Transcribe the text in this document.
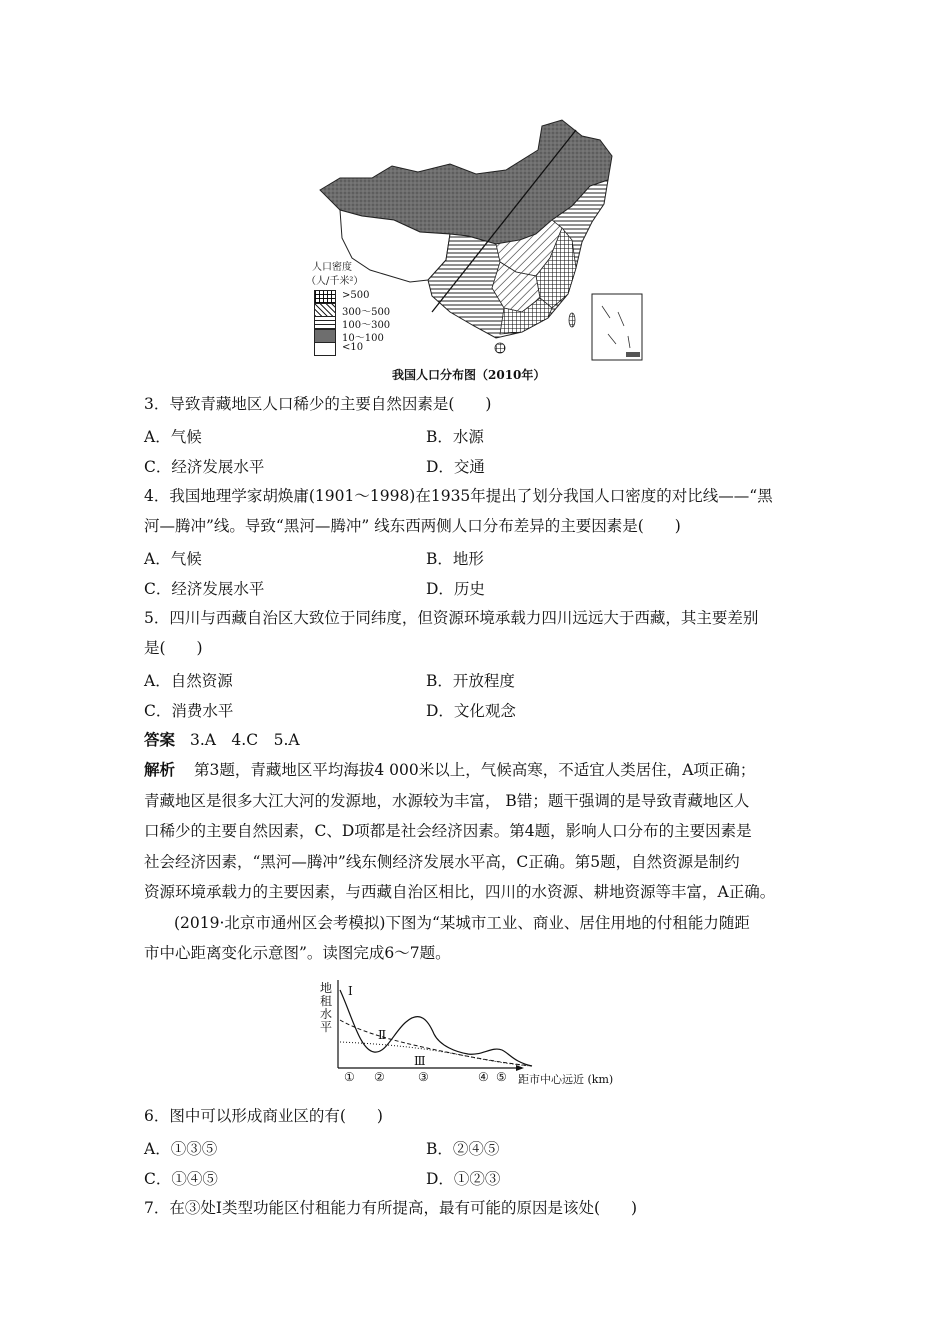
人口密度
（人/千米²）
>500
300～500
100～300
10～100
<10
我国人口分布图（2010年）
3．导致青藏地区人口稀少的主要自然因素是(　　)
A．气候	B．水源
C．经济发展水平	D．交通
4．我国地理学家胡焕庸(1901～1998)在1935年提出了划分我国人口密度的对比线——“黑
河—腾冲”线。导致“黑河—腾冲” 线东西两侧人口分布差异的主要因素是(　　)
A．气候	B．地形
C．经济发展水平	D．历史
5．四川与西藏自治区大致位于同纬度，但资源环境承载力四川远远大于西藏，其主要差别
是(　　)
A．自然资源	B．开放程度
C．消费水平	D．文化观念
答案 3.A　4.C　5.A
解析 第3题，青藏地区平均海拔4 000米以上，气候高寒，不适宜人类居住，A项正确；
青藏地区是很多大江大河的发源地，水源较为丰富， B错；题干强调的是导致青藏地区人
口稀少的主要自然因素，C、D项都是社会经济因素。第4题，影响人口分布的主要因素是
社会经济因素，“黑河—腾冲”线东侧经济发展水平高，C正确。第5题，自然资源是制约
资源环境承载力的主要因素，与西藏自治区相比，四川的水资源、耕地资源等丰富，A正确。
(2019·北京市通州区会考模拟)下图为“某城市工业、商业、居住用地的付租能力随距
市中心距离变化示意图”。读图完成6～7题。
地
租
水
平
Ⅰ
Ⅱ
Ⅲ
① ②	③	④ ⑤ 距市中心远近 (km)
6．图中可以形成商业区的有(　　)
A．①③⑤	B．②④⑤
C．①④⑤	D．①②③
7．在③处Ⅰ类型功能区付租能力有所提高，最有可能的原因是该处(　　)
